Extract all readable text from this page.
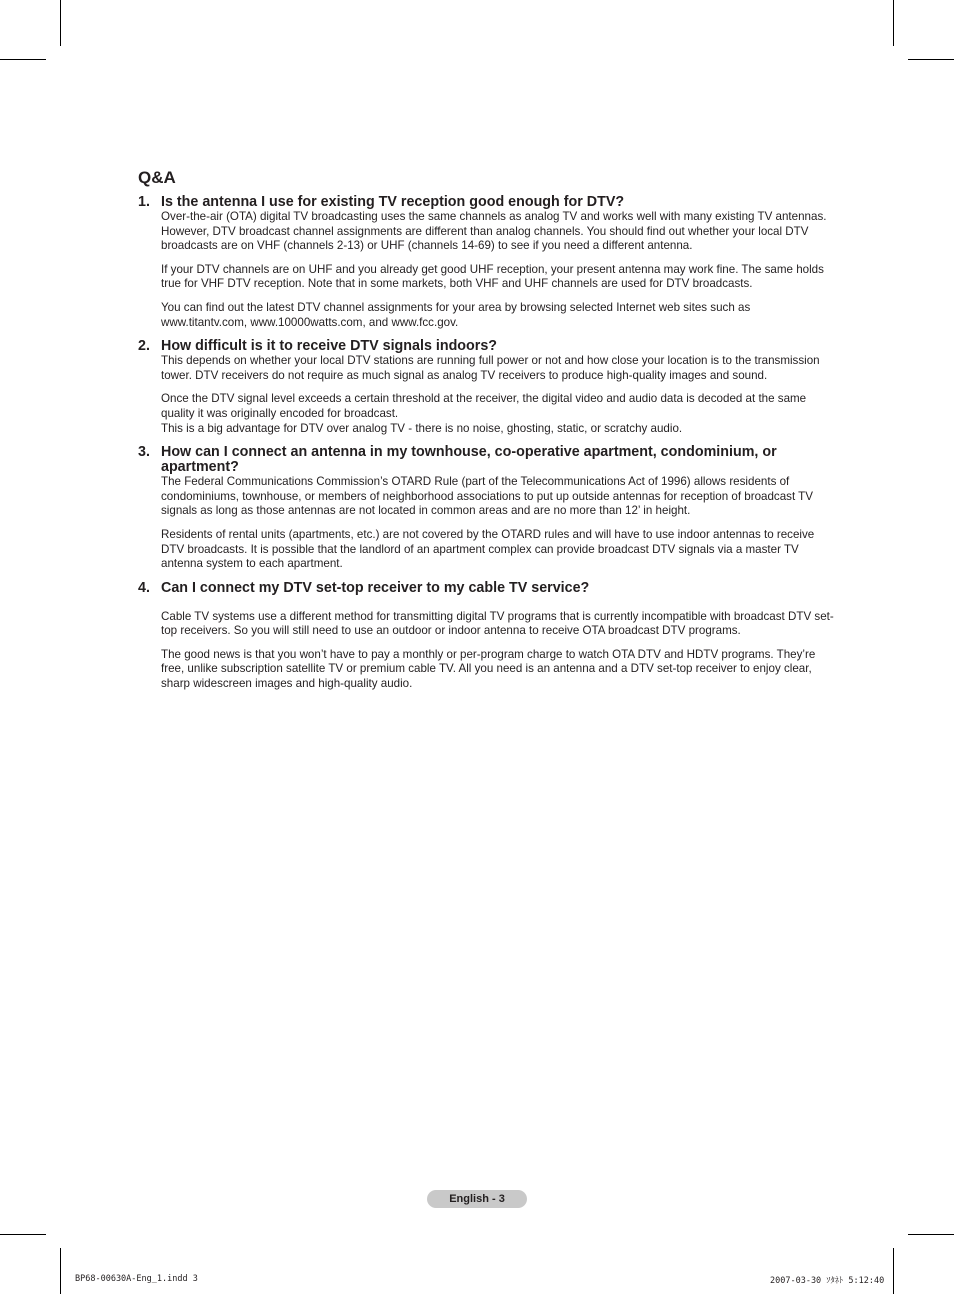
Q&A

1. Is the antenna I use for existing TV reception good enough for DTV?

Over-the-air (OTA) digital TV broadcasting uses the same channels as analog TV and works well with many existing TV antennas. However, DTV broadcast channel assignments are different than analog channels. You should find out whether your local DTV broadcasts are on VHF (channels 2-13) or UHF (channels 14-69) to see if you need a different antenna.

If your DTV channels are on UHF and you already get good UHF reception, your present antenna may work fine. The same holds true for VHF DTV reception. Note that in some markets, both VHF and UHF channels are used for DTV broadcasts.

You can find out the latest DTV channel assignments for your area by browsing selected Internet web sites such as www.titantv.com, www.10000watts.com, and www.fcc.gov.

2. How difficult is it to receive DTV signals indoors?

This depends on whether your local DTV stations are running full power or not and how close your location is to the transmission tower. DTV receivers do not require as much signal as analog TV receivers to produce high-quality images and sound.

Once the DTV signal level exceeds a certain threshold at the receiver, the digital video and audio data is decoded at the same quality it was originally encoded for broadcast.
This is a big advantage for DTV over analog TV - there is no noise, ghosting, static, or scratchy audio.

3. How can I connect an antenna in my townhouse, co-operative apartment, condominium, or apartment?

The Federal Communications Commission’s OTARD Rule (part of the Telecommunications Act of 1996) allows residents of condominiums, townhouse, or members of neighborhood associations to put up outside antennas for reception of broadcast TV signals as long as those antennas are not located in common areas and are no more than 12’ in height.

Residents of rental units (apartments, etc.) are not covered by the OTARD rules and will have to use indoor antennas to receive DTV broadcasts. It is possible that the landlord of an apartment complex can provide broadcast DTV signals via a master TV antenna system to each apartment.

4. Can I connect my DTV set-top receiver to my cable TV service?

Cable TV systems use a different method for transmitting digital TV programs that is currently incompatible with broadcast DTV set-top receivers. So you will still need to use an outdoor or indoor antenna to receive OTA broadcast DTV programs.

The good news is that you won’t have to pay a monthly or per-program charge to watch OTA DTV and HDTV programs. They’re free, unlike subscription satellite TV or premium cable TV. All you need is an antenna and a DTV set-top receiver to enjoy clear, sharp widescreen images and high-quality audio.

English - 3
BP68-00630A-Eng_1.indd 3	2007-03-30 ｿﾀﾈﾄ 5:12:40
